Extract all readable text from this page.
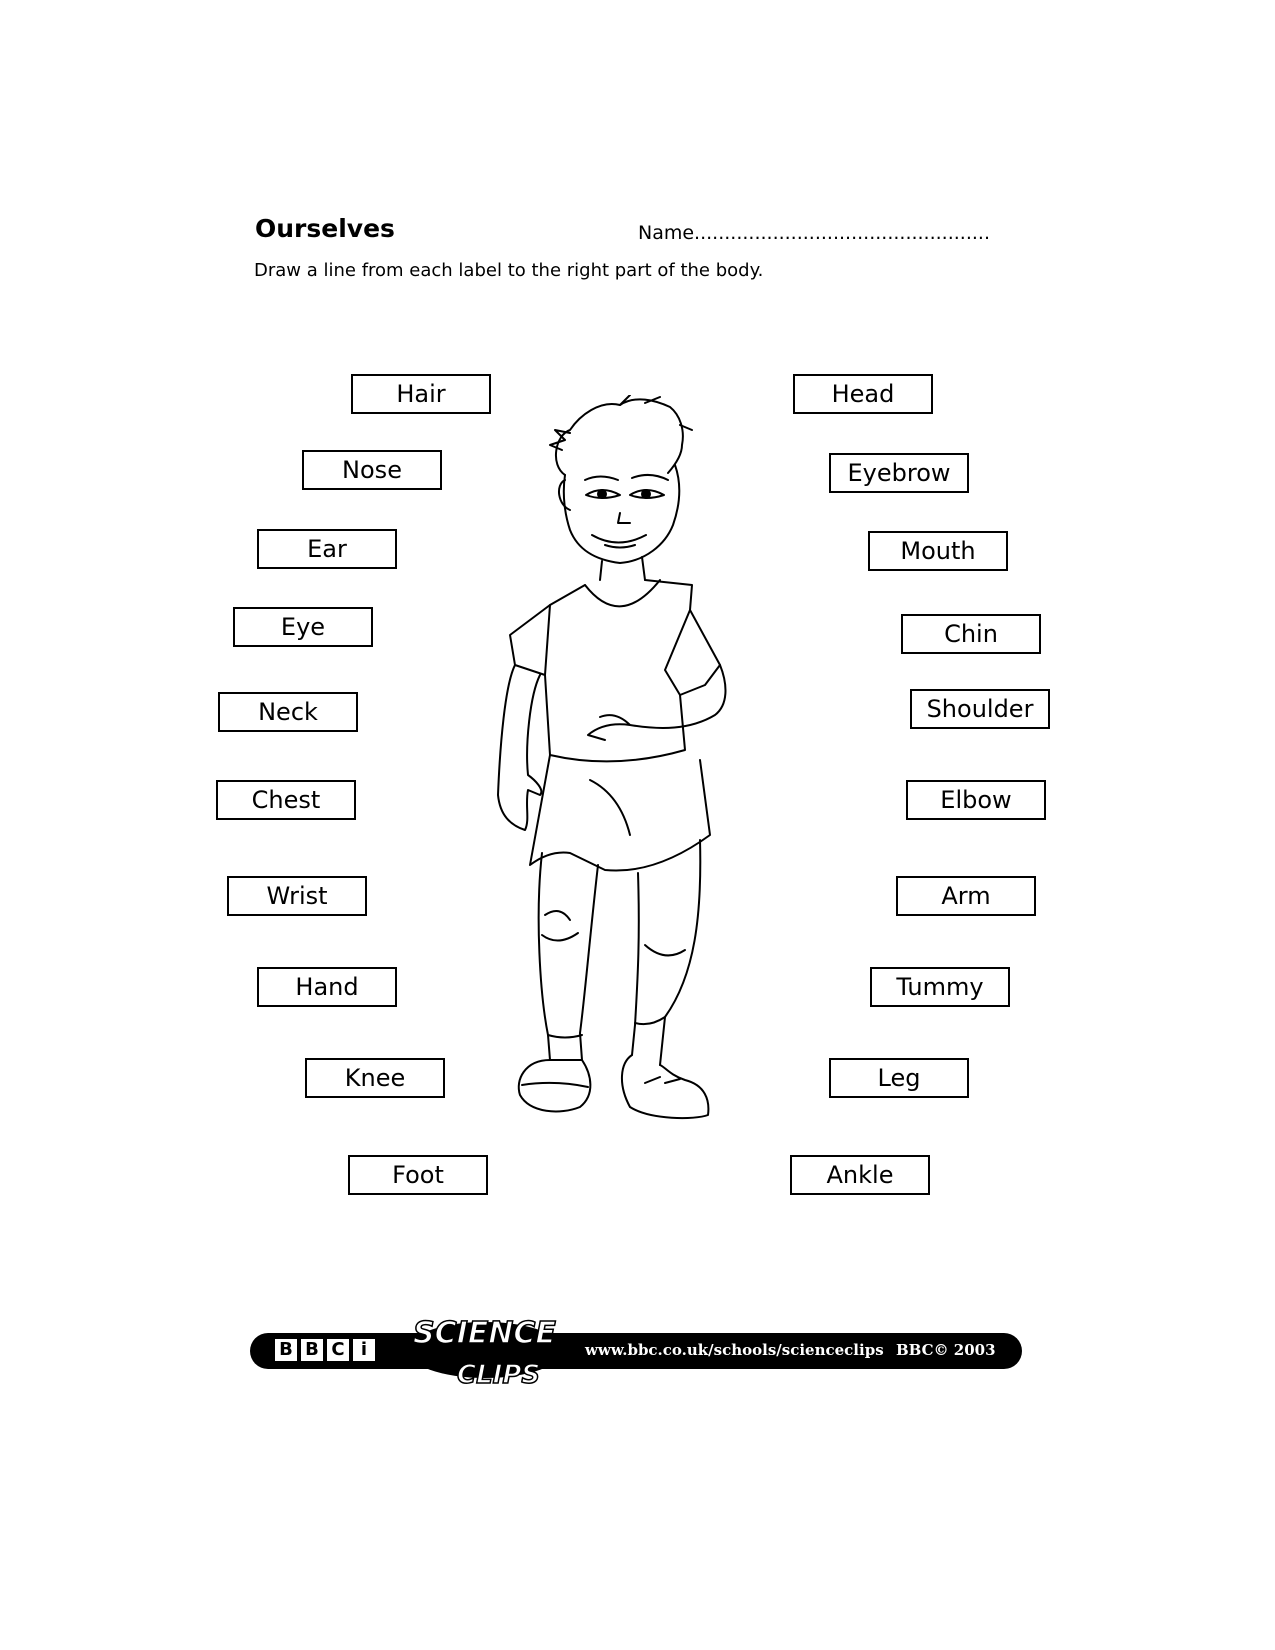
Ourselves	Name.................................................
Draw a line from each label to the right part of the body.
Hair
Nose
Ear
Eye
Neck
Chest
Wrist
Hand
Knee
Foot
Head
Eyebrow
Mouth
Chin
Shoulder
Elbow
Arm
Tummy
Leg
Ankle
B B C i SCIENCE
CLIPS
www.bbc.co.uk/schools/scienceclips BBC© 2003
